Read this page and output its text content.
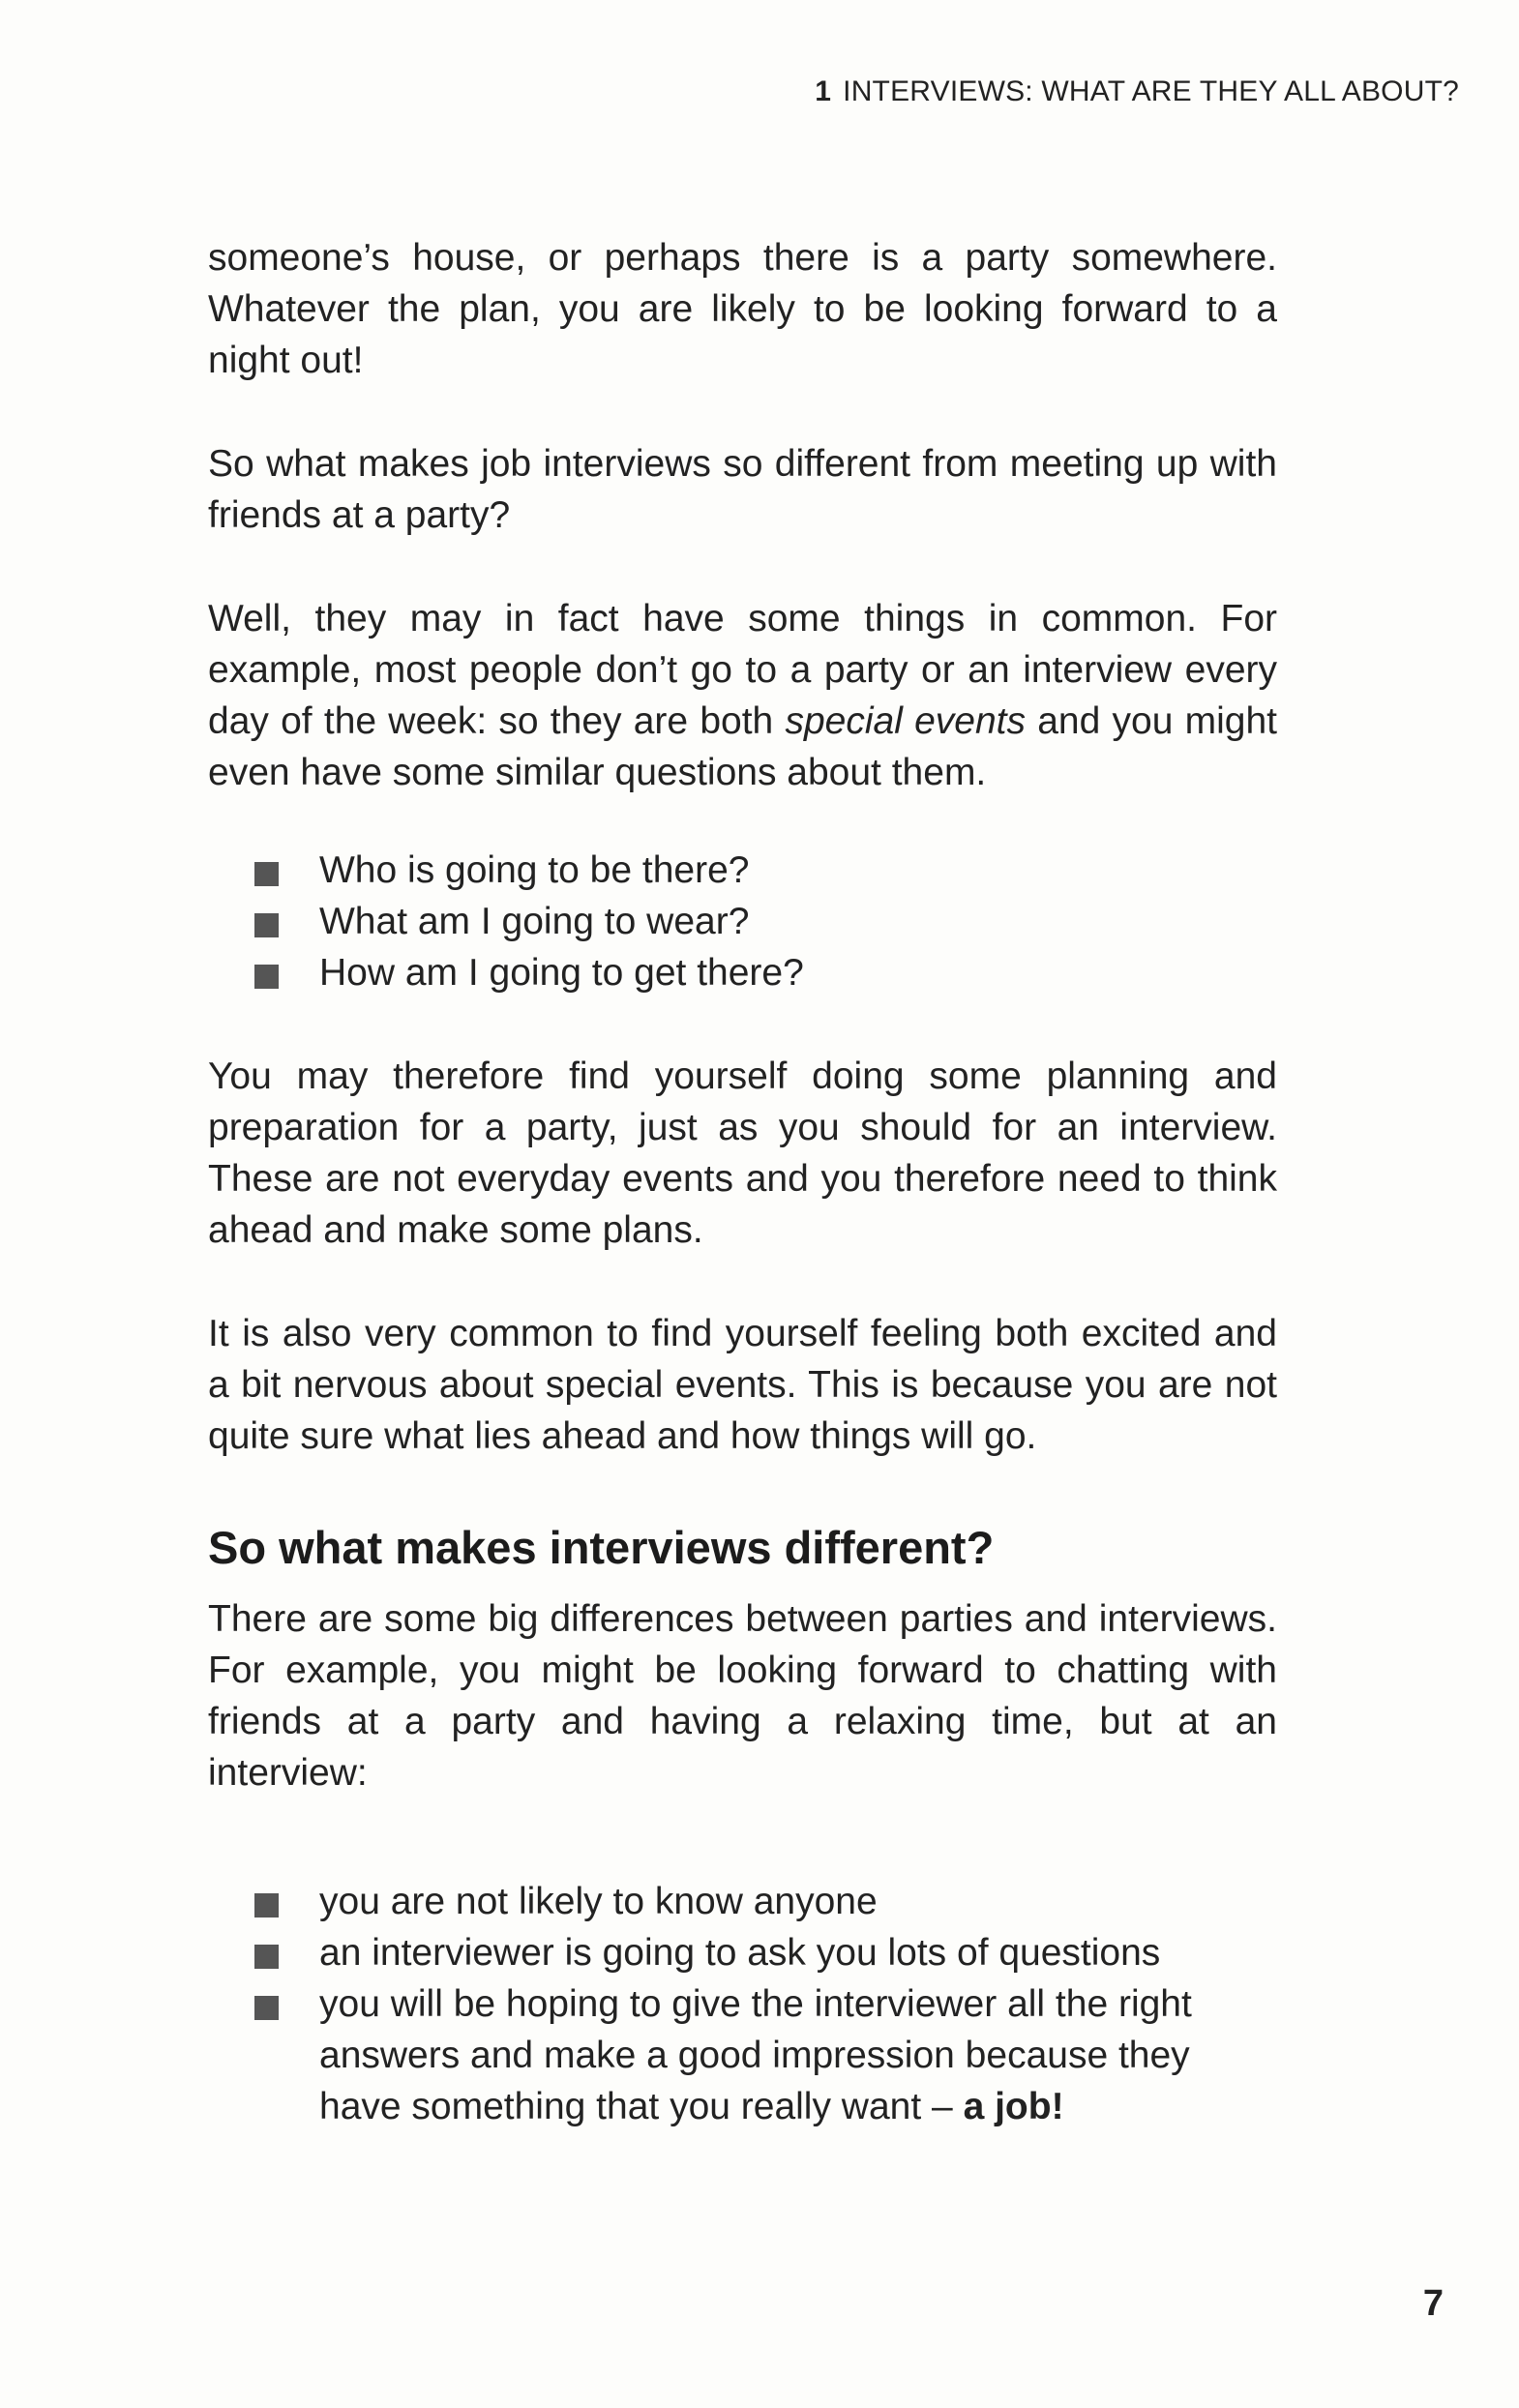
1 INTERVIEWS: WHAT ARE THEY ALL ABOUT?

someone’s house, or perhaps there is a party somewhere. Whatever the plan, you are likely to be looking forward to a night out!

So what makes job interviews so different from meeting up with friends at a party?

Well, they may in fact have some things in common. For example, most people don’t go to a party or an interview every day of the week: so they are both special events and you might even have some similar questions about them.

Who is going to be there?
What am I going to wear?
How am I going to get there?

You may therefore find yourself doing some planning and preparation for a party, just as you should for an interview. These are not everyday events and you therefore need to think ahead and make some plans.

It is also very common to find yourself feeling both excited and a bit nervous about special events. This is because you are not quite sure what lies ahead and how things will go.

So what makes interviews different?

There are some big differences between parties and interviews. For example, you might be looking forward to chatting with friends at a party and having a relaxing time, but at an interview:

you are not likely to know anyone
an interviewer is going to ask you lots of questions
you will be hoping to give the interviewer all the right answers and make a good impression because they have something that you really want – a job!
7
